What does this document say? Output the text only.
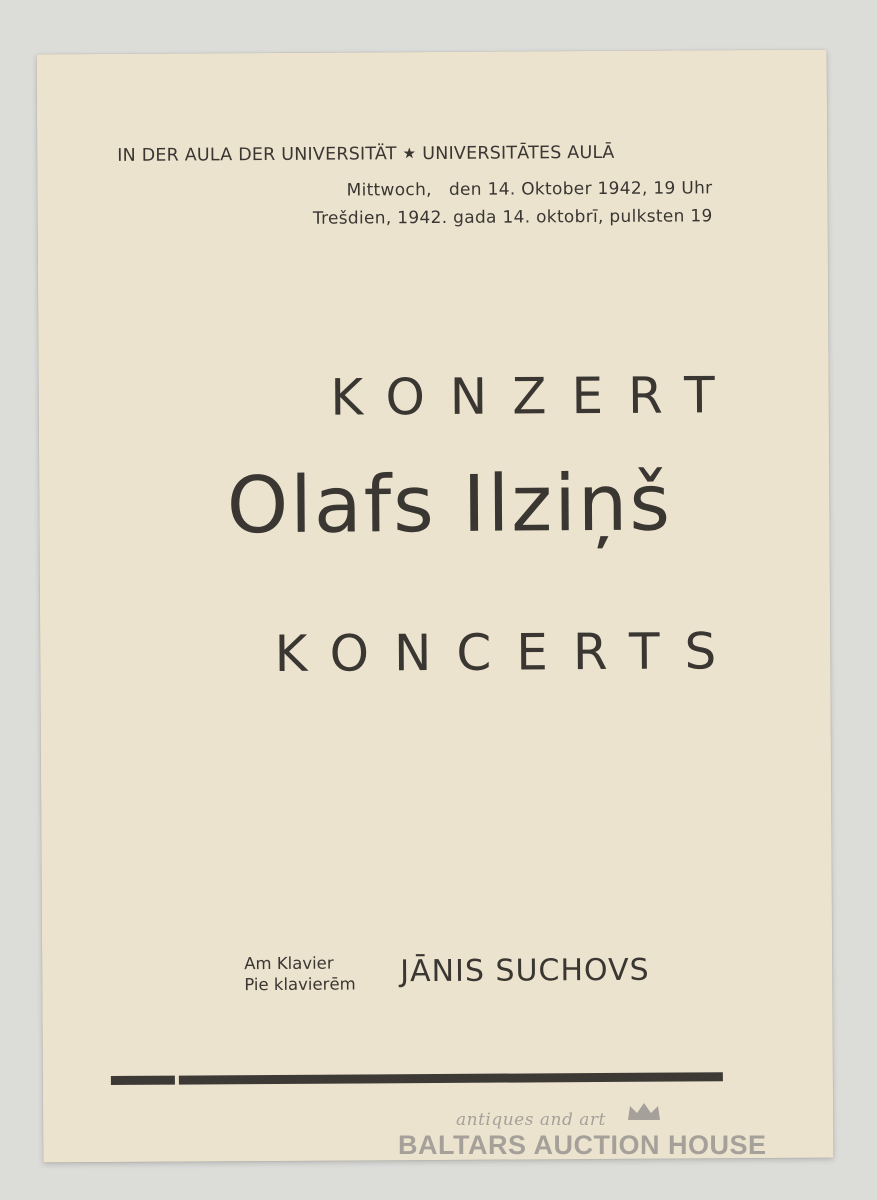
IN DER AULA DER UNIVERSITÄT ★ UNIVERSITĀTES AULĀ
Mittwoch,   den 14. Oktober 1942, 19 Uhr
Trešdien, 1942. gada 14. oktobrī, pulksten 19
KONZERT
Olafs Ilziņš
KONCERTS
Am Klavier
Pie klavierēm JĀNIS SUCHOVS
antiques and art
BALTARS AUCTION HOUSE
